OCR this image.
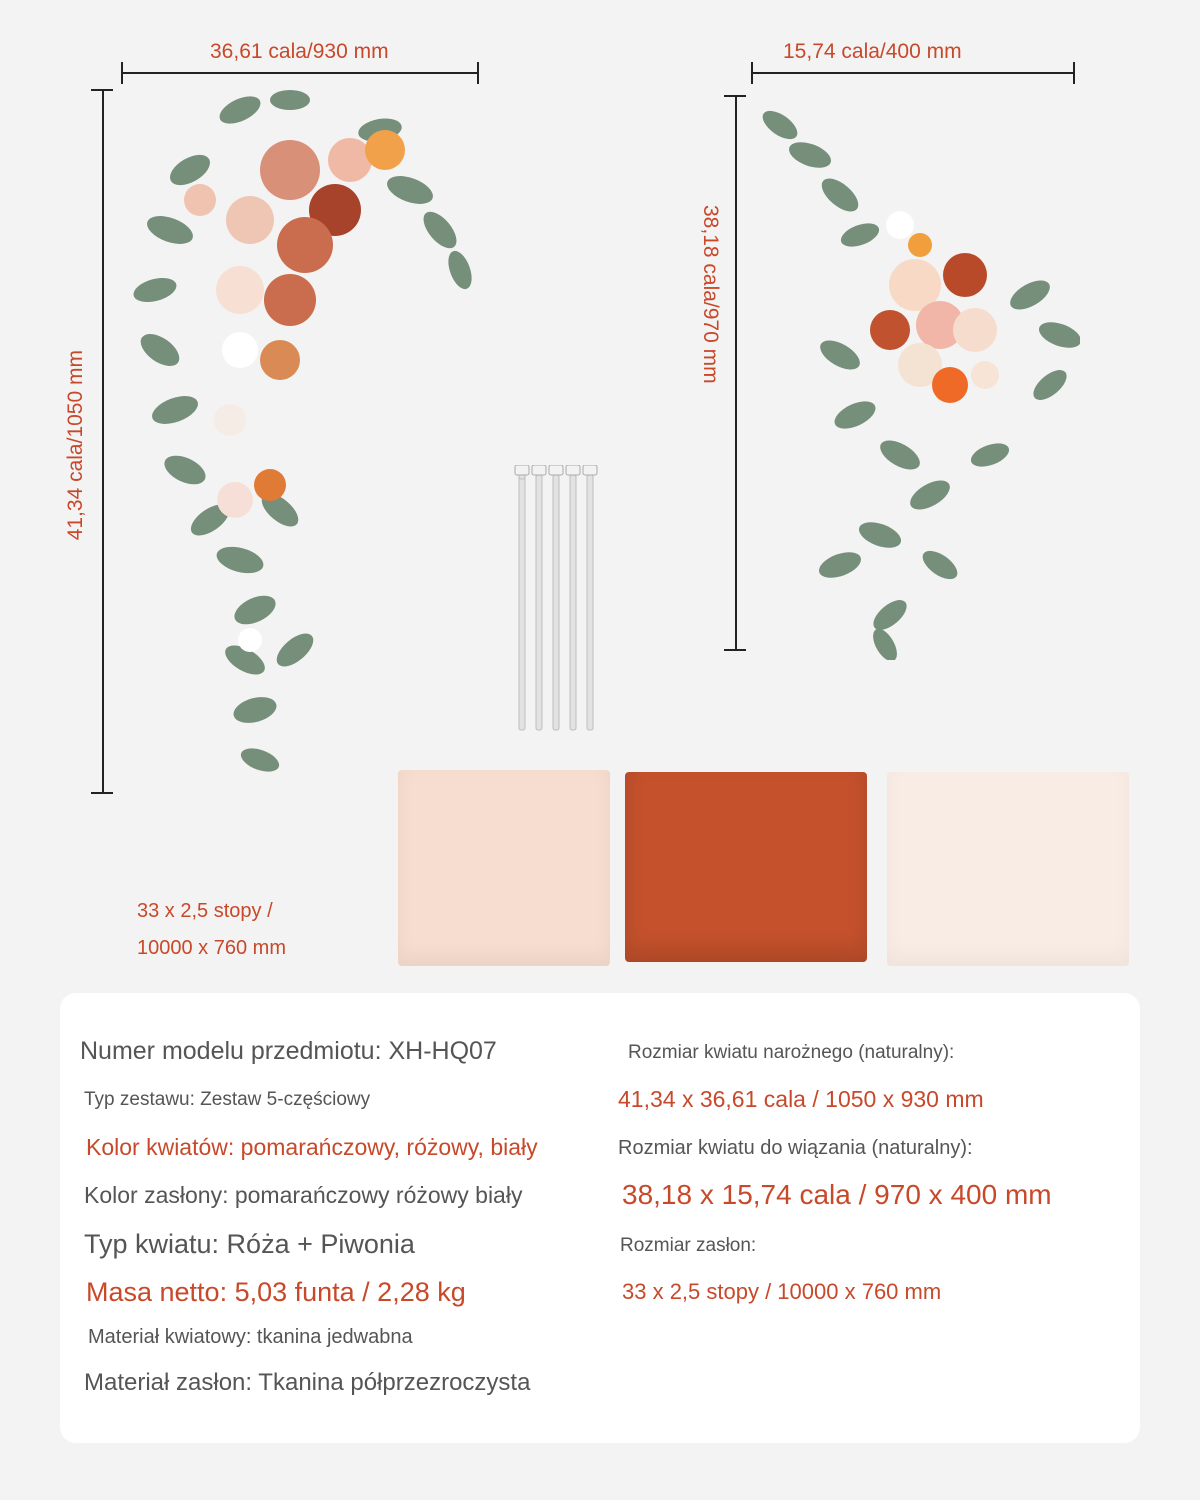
36,61 cala/930 mm
41,34 cala/1050 mm
15,74 cala/400 mm
38,18 cala/970 mm
33 x 2,5 stopy /
10000 x 760 mm
Numer modelu przedmiotu: XH-HQ07
Typ zestawu: Zestaw 5-częściowy
Kolor kwiatów: pomarańczowy, różowy, biały
Kolor zasłony: pomarańczowy różowy biały
Typ kwiatu: Róża + Piwonia
Masa netto: 5,03 funta / 2,28 kg
Materiał kwiatowy: tkanina jedwabna
Materiał zasłon: Tkanina półprzezroczysta
Rozmiar kwiatu narożnego (naturalny):
41,34 x 36,61 cala / 1050 x 930 mm
Rozmiar kwiatu do wiązania (naturalny):
38,18 x 15,74 cala / 970 x 400 mm
Rozmiar zasłon:
33 x 2,5 stopy / 10000 x 760 mm
